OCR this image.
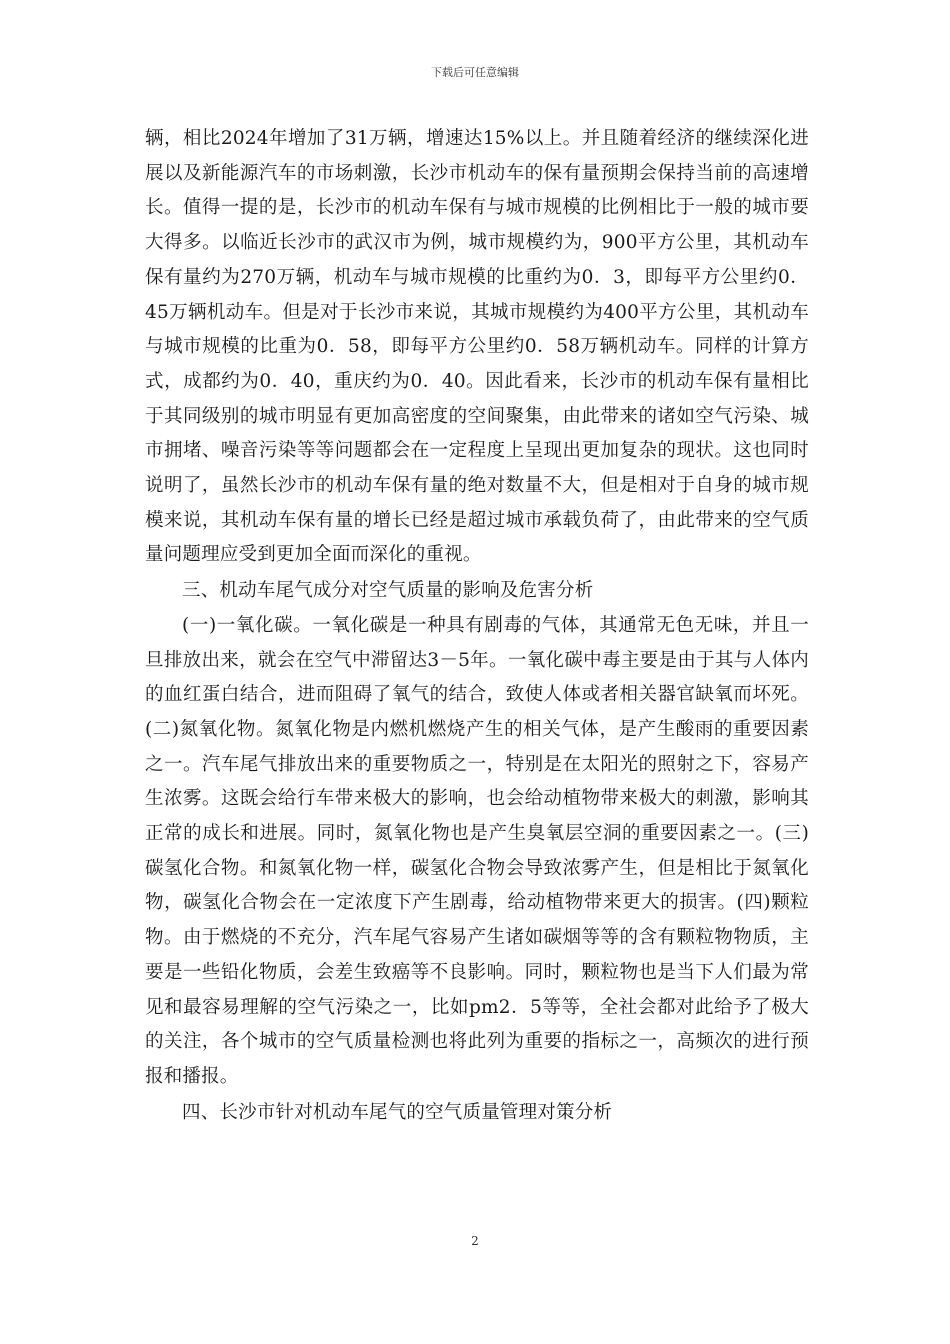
下载后可任意编辑

辆，相比2024年增加了31万辆，增速达15%以上。并且随着经济的继续深化进展以及新能源汽车的市场刺激，长沙市机动车的保有量预期会保持当前的高速增长。值得一提的是，长沙市的机动车保有与城市规模的比例相比于一般的城市要大得多。以临近长沙市的武汉市为例，城市规模约为，900平方公里，其机动车保有量约为270万辆，机动车与城市规模的比重约为0．3，即每平方公里约0．45万辆机动车。但是对于长沙市来说，其城市规模约为400平方公里，其机动车与城市规模的比重为0．58，即每平方公里约0．58万辆机动车。同样的计算方式，成都约为0．40，重庆约为0．40。因此看来，长沙市的机动车保有量相比于其同级别的城市明显有更加高密度的空间聚集，由此带来的诸如空气污染、城市拥堵、噪音污染等等问题都会在一定程度上呈现出更加复杂的现状。这也同时说明了，虽然长沙市的机动车保有量的绝对数量不大，但是相对于自身的城市规模来说，其机动车保有量的增长已经是超过城市承载负荷了，由此带来的空气质量问题理应受到更加全面而深化的重视。

三、机动车尾气成分对空气质量的影响及危害分析

(一)一氧化碳。一氧化碳是一种具有剧毒的气体，其通常无色无味，并且一旦排放出来，就会在空气中滞留达3－5年。一氧化碳中毒主要是由于其与人体内的血红蛋白结合，进而阻碍了氧气的结合，致使人体或者相关器官缺氧而坏死。(二)氮氧化物。氮氧化物是内燃机燃烧产生的相关气体，是产生酸雨的重要因素之一。汽车尾气排放出来的重要物质之一，特别是在太阳光的照射之下，容易产生浓雾。这既会给行车带来极大的影响，也会给动植物带来极大的刺激，影响其正常的成长和进展。同时，氮氧化物也是产生臭氧层空洞的重要因素之一。(三)碳氢化合物。和氮氧化物一样，碳氢化合物会导致浓雾产生，但是相比于氮氧化物，碳氢化合物会在一定浓度下产生剧毒，给动植物带来更大的损害。(四)颗粒物。由于燃烧的不充分，汽车尾气容易产生诸如碳烟等等的含有颗粒物物质，主要是一些铅化物质，会差生致癌等不良影响。同时，颗粒物也是当下人们最为常见和最容易理解的空气污染之一，比如pm2．5等等，全社会都对此给予了极大的关注，各个城市的空气质量检测也将此列为重要的指标之一，高频次的进行预报和播报。

四、长沙市针对机动车尾气的空气质量管理对策分析

2
